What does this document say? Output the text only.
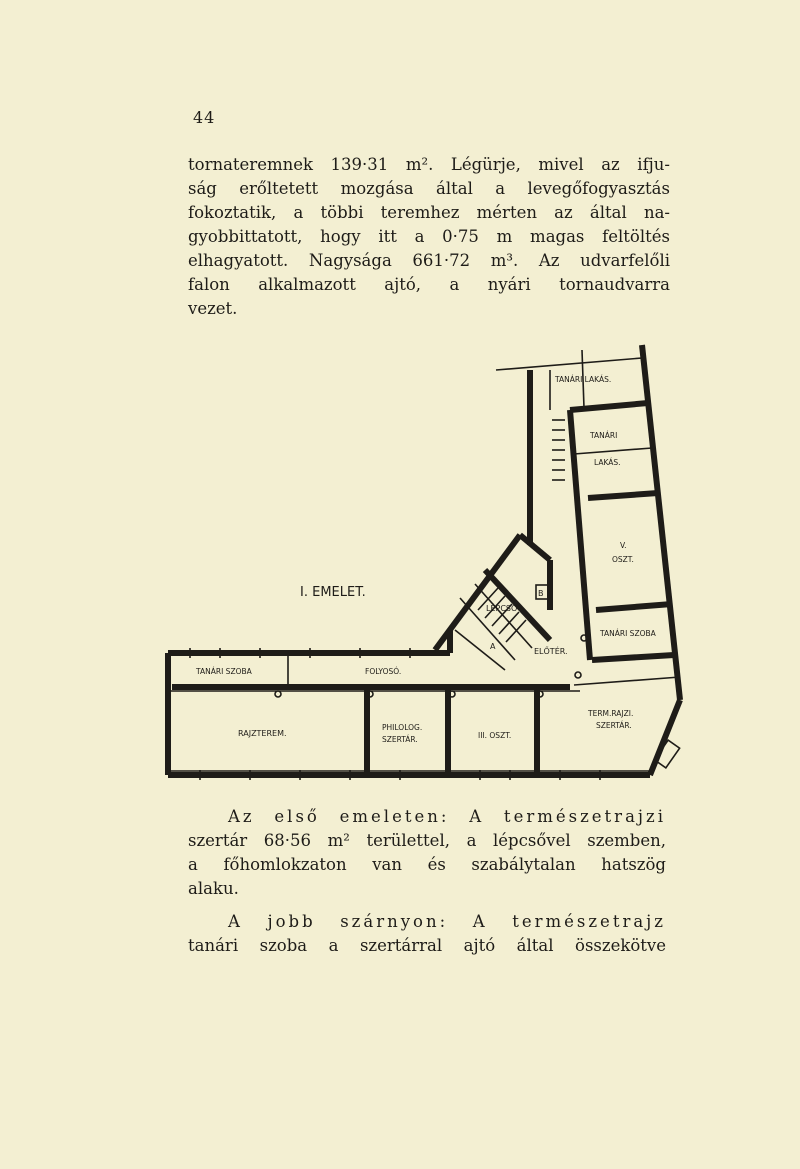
44
tornateremnek 139·31 m². Légürje, mivel az ifju-
ság erőltetett mozgása által a levegőfogyasztás
fokoztatik, a többi teremhez mérten az által na-
gyobbittatott, hogy itt a 0·75 m magas feltöltés
elhagyatott. Nagysága 661·72 m³. Az udvarfelőli
falon alkalmazott ajtó, a nyári tornaudvarra
vezet.
I. EMELET.
TANÁRI LAKÁS.
TANÁRI
LAKÁS.
V.
OSZT.
TANÁRI SZOBA
LÉPCSŐ
ELŐTÉR.
TERM.RAJZI.
SZERTÁR.
TANÁRI SZOBA	FOLYOSÓ.
RAJZTEREM.
PHILOLOG.
SZERTÁR.	III. OSZT.
A
B
Az első emeleten: A természetrajzi
szertár 68·56 m² területtel, a lépcsővel szemben,
a főhomlokzaton van és szabálytalan hatszög
alaku.
A jobb szárnyon: A természetrajz
tanári szoba a szertárral ajtó által összekötve
